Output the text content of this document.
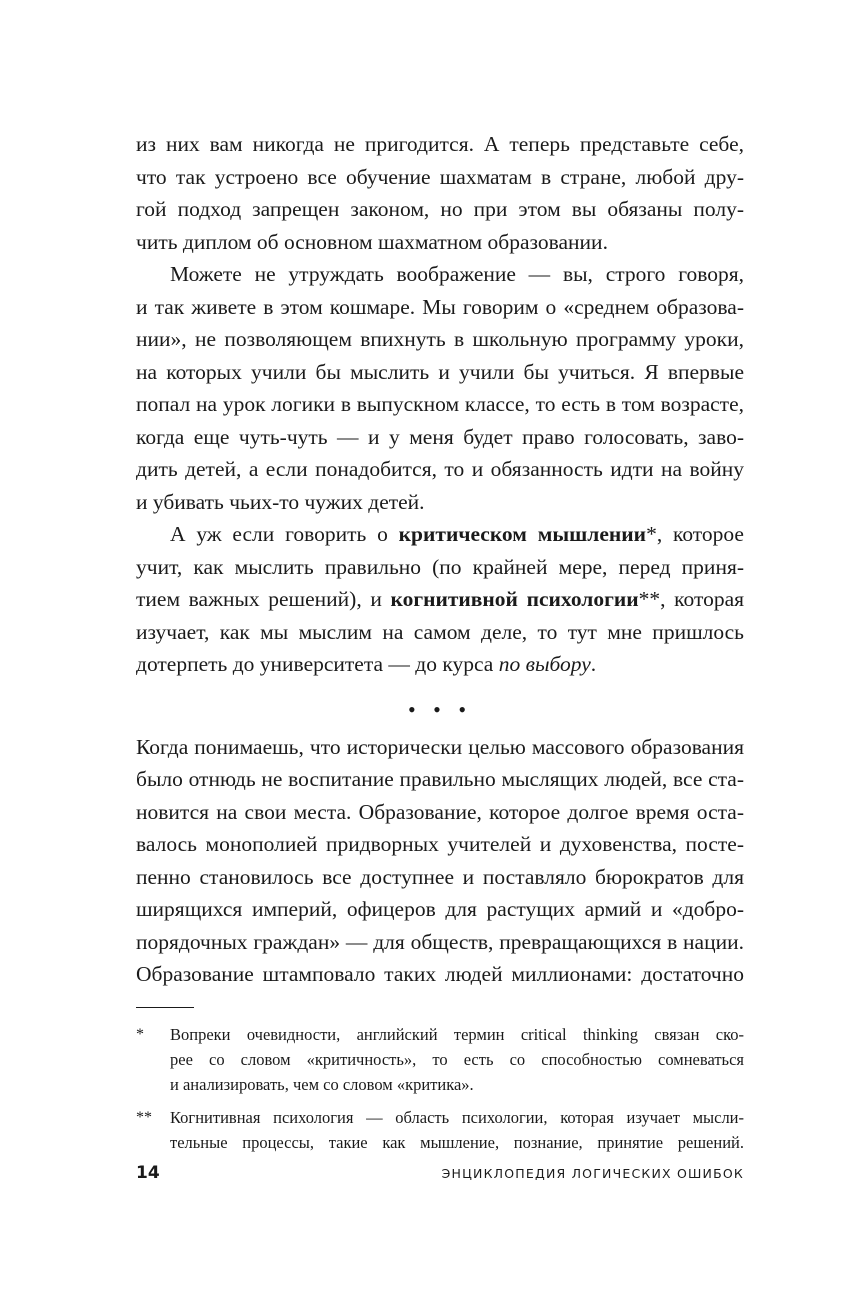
из них вам никогда не пригодится. А теперь представьте себе,
что так устроено все обучение шахматам в стране, любой дру-
гой подход запрещен законом, но при этом вы обязаны полу-
чить диплом об основном шахматном образовании.
Можете не утруждать воображение — вы, строго говоря,
и так живете в этом кошмаре. Мы говорим о «среднем образова-
нии», не позволяющем впихнуть в школьную программу уроки,
на которых учили бы мыслить и учили бы учиться. Я впервые
попал на урок логики в выпускном классе, то есть в том возрасте,
когда еще чуть-чуть — и у меня будет право голосовать, заво-
дить детей, а если понадобится, то и обязанность идти на войну
и убивать чьих-то чужих детей.
А уж если говорить о критическом мышлении*, которое
учит, как мыслить правильно (по крайней мере, перед приня-
тием важных решений), и когнитивной психологии**, которая
изучает, как мы мыслим на самом деле, то тут мне пришлось
дотерпеть до университета — до курса по выбору.
• • •
Когда понимаешь, что исторически целью массового образования
было отнюдь не воспитание правильно мыслящих людей, все ста-
новится на свои места. Образование, которое долгое время оста-
валось монополией придворных учителей и духовенства, посте-
пенно становилось все доступнее и поставляло бюрократов для
ширящихся империй, офицеров для растущих армий и «добро-
порядочных граждан» — для обществ, превращающихся в нации.
Образование штамповало таких людей миллионами: достаточно
* Вопреки очевидности, английский термин critical thinking связан ско-
рее со словом «критичность», то есть со способностью сомневаться
и анализировать, чем со словом «критика».
** Когнитивная психология — область психологии, которая изучает мысли-
тельные процессы, такие как мышление, познание, принятие решений.
14	ЭНЦИКЛОПЕДИЯ ЛОГИЧЕСКИХ ОШИБОК
